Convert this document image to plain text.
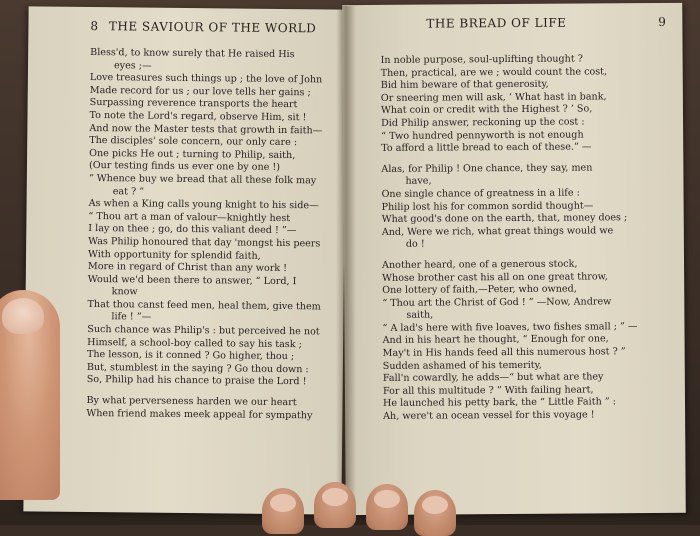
8 THE SAVIOUR OF THE WORLD
Bless'd, to know surely that He raised His
eyes ;—
Love treasures such things up ; the love of John
Made record for us ; our love tells her gains ;
Surpassing reverence transports the heart
To note the Lord's regard, observe Him, sit !
And now the Master tests that growth in faith—
The disciples' sole concern, our only care :
One picks He out ; turning to Philip, saith,
(Our testing finds us ever one by one !)
“ Whence buy we bread that all these folk may
eat ? ”
As when a King calls young knight to his side—
“ Thou art a man of valour—knightly hest
I lay on thee ; go, do this valiant deed ! ”—
Was Philip honoured that day 'mongst his peers
With opportunity for splendid faith,
More in regard of Christ than any work !
Would we'd been there to answer, “ Lord, I
know
That thou canst feed men, heal them, give them
life ! ”—
Such chance was Philip's : but perceived he not
Himself, a school-boy called to say his task ;
The lesson, is it conned ? Go higher, thou ;
But, stumblest in the saying ? Go thou down :
So, Philip had his chance to praise the Lord !
By what perverseness harden we our heart
When friend makes meek appeal for sympathy
THE BREAD OF LIFE	9
In noble purpose, soul-uplifting thought ?
Then, practical, are we ; would count the cost,
Bid him beware of that generosity,
Or sneering men will ask, ‘ What hast in bank,
What coin or credit with the Highest ? ’ So,
Did Philip answer, reckoning up the cost :
“ Two hundred pennyworth is not enough
To afford a little bread to each of these.” —
Alas, for Philip ! One chance, they say, men
have,
One single chance of greatness in a life :
Philip lost his for common sordid thought—
What good's done on the earth, that, money does ;
And, Were we rich, what great things would we
do !
Another heard, one of a generous stock,
Whose brother cast his all on one great throw,
One lottery of faith,—Peter, who owned,
“ Thou art the Christ of God ! ” —Now, Andrew
saith,
“ A lad's here with five loaves, two fishes small ; ” —
And in his heart he thought, “ Enough for one,
May't in His hands feed all this numerous host ? ”
Sudden ashamed of his temerity,
Fall'n cowardly, he adds—“ but what are they
For all this multitude ? ” With failing heart,
He launched his petty bark, the “ Little Faith ” :
Ah, were't an ocean vessel for this voyage !
